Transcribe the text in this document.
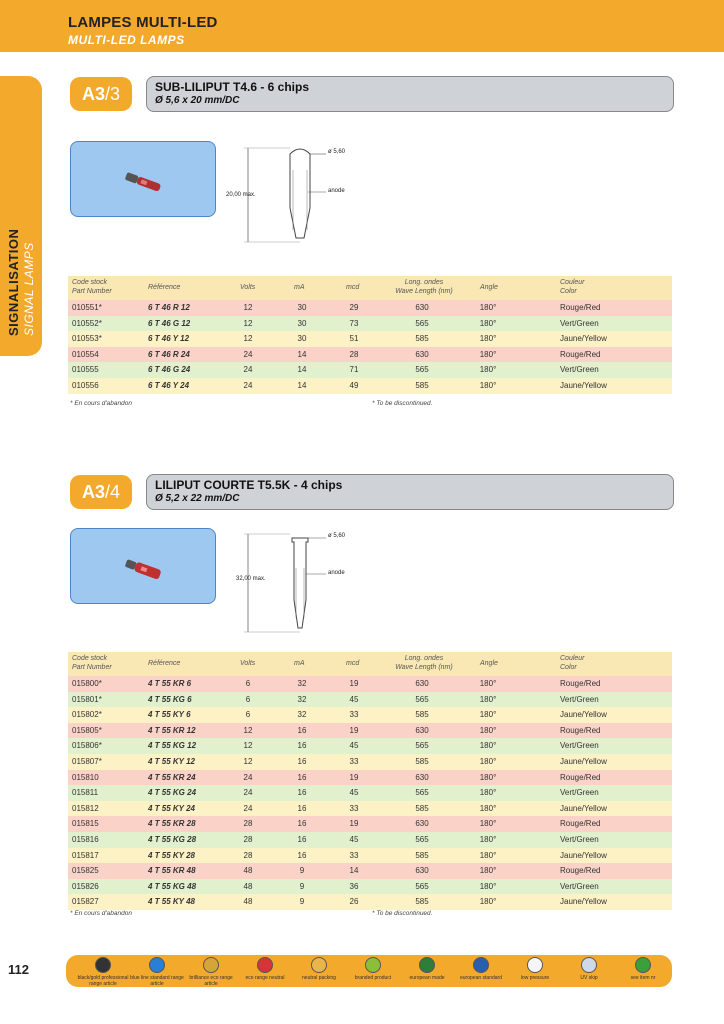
LAMPES MULTI-LED
MULTI-LED LAMPS
SIGNALISATION SIGNAL LAMPS
A3/3	SUB-LILIPUT T4.6 - 6 chips
Ø 5,6 x 20 mm/DC
ø 5,60
20,00 max.
anode
Code stock
Part Number
Référence	Volts	mA	mcd
Long. ondes
Wave Length (nm)
Angle
Couleur
Color
010551*	6 T 46 R 12	12	30	29	630	180°	Rouge/Red
010552*	6 T 46 G 12	12	30	73	565	180°	Vert/Green
010553*	6 T 46 Y 12	12	30	51	585	180°	Jaune/Yellow
010554	6 T 46 R 24	24	14	28	630	180°	Rouge/Red
010555	6 T 46 G 24	24	14	71	565	180°	Vert/Green
010556	6 T 46 Y 24	24	14	49	585	180°	Jaune/Yellow
* En cours d'abandon	* To be discontinued.
A3/4	LILIPUT COURTE T5.5K - 4 chips
Ø 5,2 x 22 mm/DC
ø 5,60
32,00 max.
anode
Code stock
Part Number
Référence	Volts	mA	mcd
Long. ondes
Wave Length (nm)
Angle
Couleur
Color
015800*	4 T 55 KR 6	6	32	19	630	180°	Rouge/Red
015801*	4 T 55 KG 6	6	32	45	565	180°	Vert/Green
015802*	4 T 55 KY 6	6	32	33	585	180°	Jaune/Yellow
015805*	4 T 55 KR 12	12	16	19	630	180°	Rouge/Red
015806*	4 T 55 KG 12	12	16	45	565	180°	Vert/Green
015807*	4 T 55 KY 12	12	16	33	585	180°	Jaune/Yellow
015810	4 T 55 KR 24	24	16	19	630	180°	Rouge/Red
015811	4 T 55 KG 24	24	16	45	565	180°	Vert/Green
015812	4 T 55 KY 24	24	16	33	585	180°	Jaune/Yellow
015815	4 T 55 KR 28	28	16	19	630	180°	Rouge/Red
015816	4 T 55 KG 28	28	16	45	565	180°	Vert/Green
015817	4 T 55 KY 28	28	16	33	585	180°	Jaune/Yellow
015825	4 T 55 KR 48	48	9	14	630	180°	Rouge/Red
015826	4 T 55 KG 48	48	9	36	565	180°	Vert/Green
015827	4 T 55 KY 48	48	9	26	585	180°	Jaune/Yellow
* En cours d'abandon	* To be discontinued.
112
black/gold professional range article
blue line standard range article
brilliance eco range article
eco range neutral	neutral packing	branded product	european made	european standard	low pressure	UV skip	see item nr
